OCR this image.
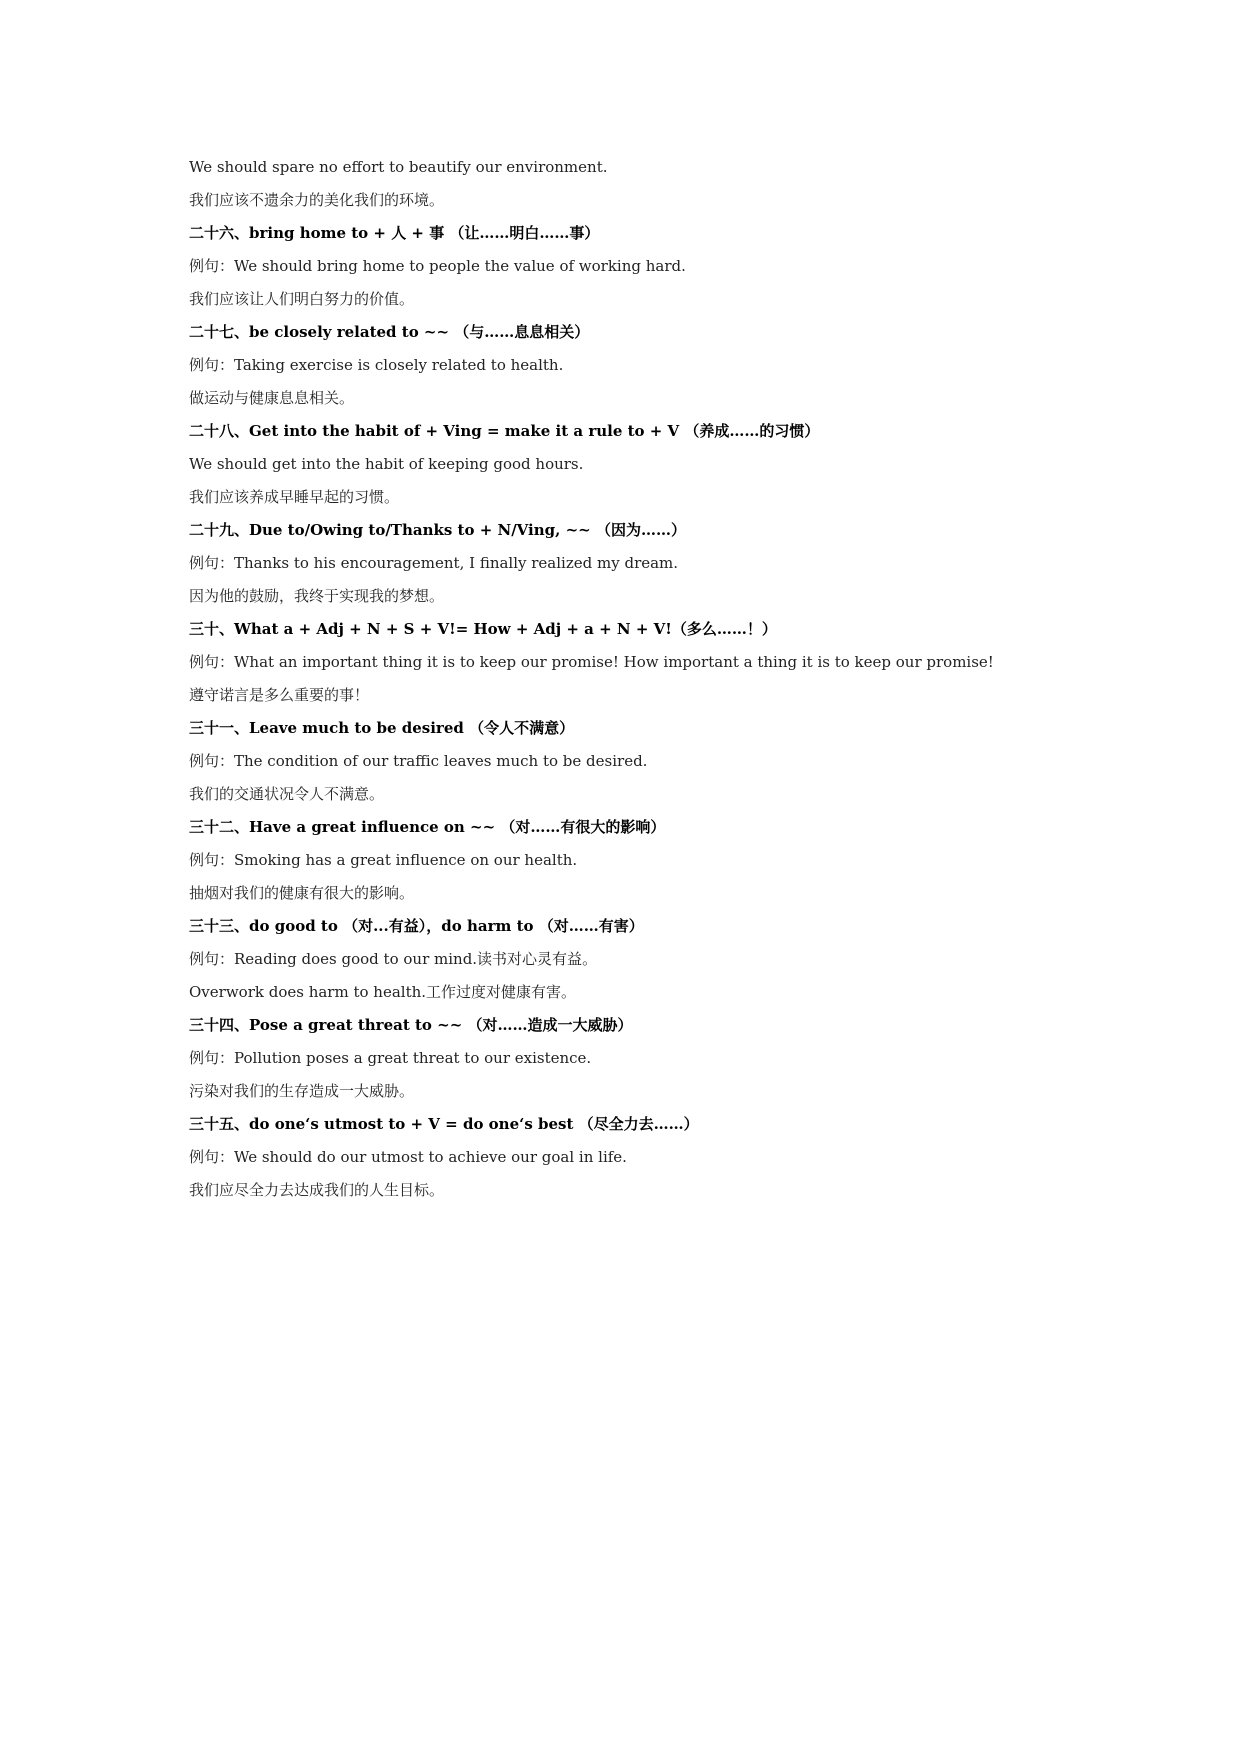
We should spare no effort to beautify our environment.
我们应该不遗余力的美化我们的环境。
二十六、bring home to + 人 + 事 （让……明白……事）
例句：We should bring home to people the value of working hard.
我们应该让人们明白努力的价值。
二十七、be closely related to ~~ （与……息息相关）
例句：Taking exercise is closely related to health.
做运动与健康息息相关。
二十八、Get into the habit of + Ving = make it a rule to + V （养成……的习惯）
We should get into the habit of keeping good hours.
我们应该养成早睡早起的习惯。
二十九、Due to/Owing to/Thanks to + N/Ving, ~~ （因为……）
例句：Thanks to his encouragement, I finally realized my dream.
因为他的鼓励，我终于实现我的梦想。
三十、What a + Adj + N + S + V!= How + Adj + a + N + V!（多么……！）
例句：What an important thing it is to keep our promise! How important a thing it is to keep our promise!
遵守诺言是多么重要的事！
三十一、Leave much to be desired （令人不满意）
例句：The condition of our traffic leaves much to be desired.
我们的交通状况令人不满意。
三十二、Have a great influence on ~~ （对……有很大的影响）
例句：Smoking has a great influence on our health.
抽烟对我们的健康有很大的影响。
三十三、do good to （对...有益），do harm to （对……有害）
例句：Reading does good to our mind.读书对心灵有益。
Overwork does harm to health.工作过度对健康有害。
三十四、Pose a great threat to ~~ （对……造成一大威胁）
例句：Pollution poses a great threat to our existence.
污染对我们的生存造成一大威胁。
三十五、do one‘s utmost to + V = do one‘s best （尽全力去……）
例句：We should do our utmost to achieve our goal in life.
我们应尽全力去达成我们的人生目标。
